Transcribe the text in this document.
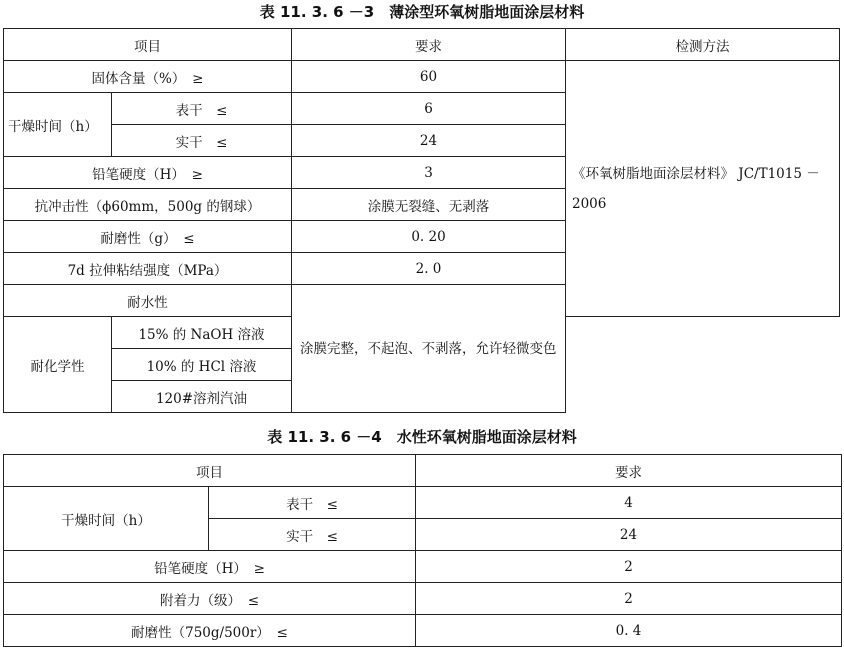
表 11. 3. 6 －3　薄涂型环氧树脂地面涂层材料
项目		要求	检测方法
固体含量（%）　≥		60	《环氧树脂地面涂层材料》 JC/T1015 －2006
干燥时间（h）	表干　≤	6	
	实干　≤	24	
铅笔硬度（H）　≥		3	
抗冲击性（ϕ60mm，500g 的钢球）		涂膜无裂缝、无剥落	
耐磨性（g）　≤		0. 20	
7d 拉伸粘结强度（MPa）		2. 0	
耐水性		涂膜完整，不起泡、不剥落，允许轻微变色	
耐化学性	15% 的 NaOH 溶液		
	10% 的 HCl 溶液		
	120#溶剂汽油		
表 11. 3. 6 －4　水性环氧树脂地面涂层材料
项目		要求
干燥时间（h）	表干　≤	4
	实干　≤	24
铅笔硬度（H）　≥		2
附着力（级）　≤		2
耐磨性（750g/500r）　≤		0. 4
